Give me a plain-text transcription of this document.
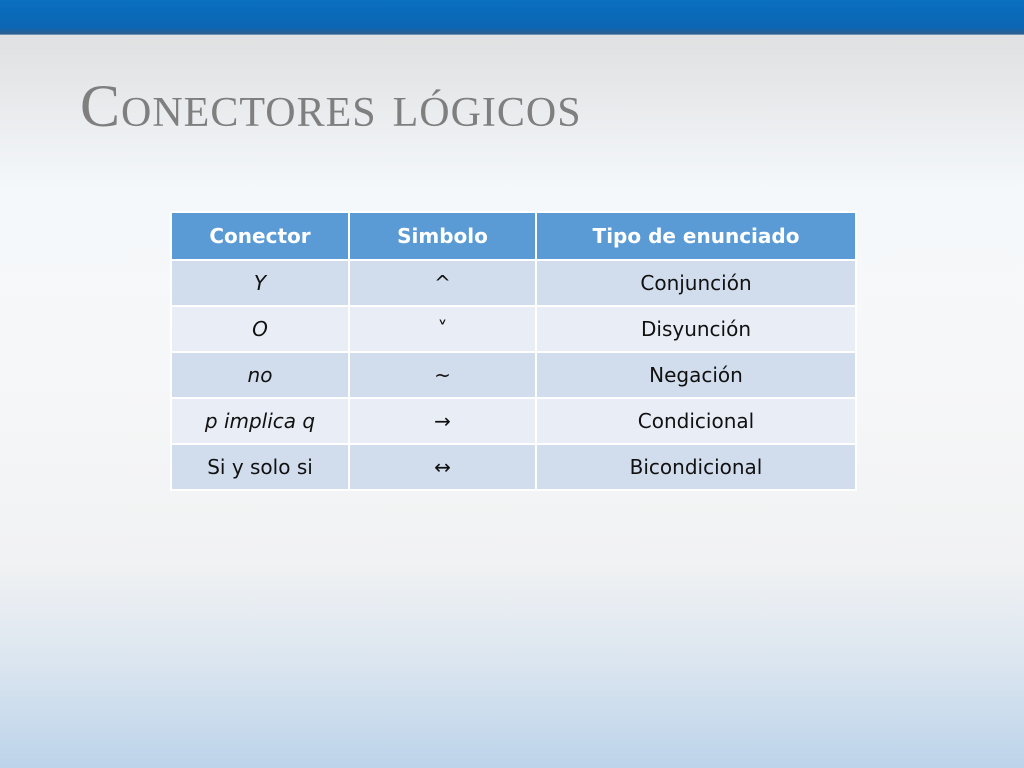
Conectores lógicos
Conector	Simbolo	Tipo de enunciado
Y	^	Conjunción
O	˅	Disyunción
no	~	Negación
p implica q	→	Condicional
Si y solo si	↔	Bicondicional
